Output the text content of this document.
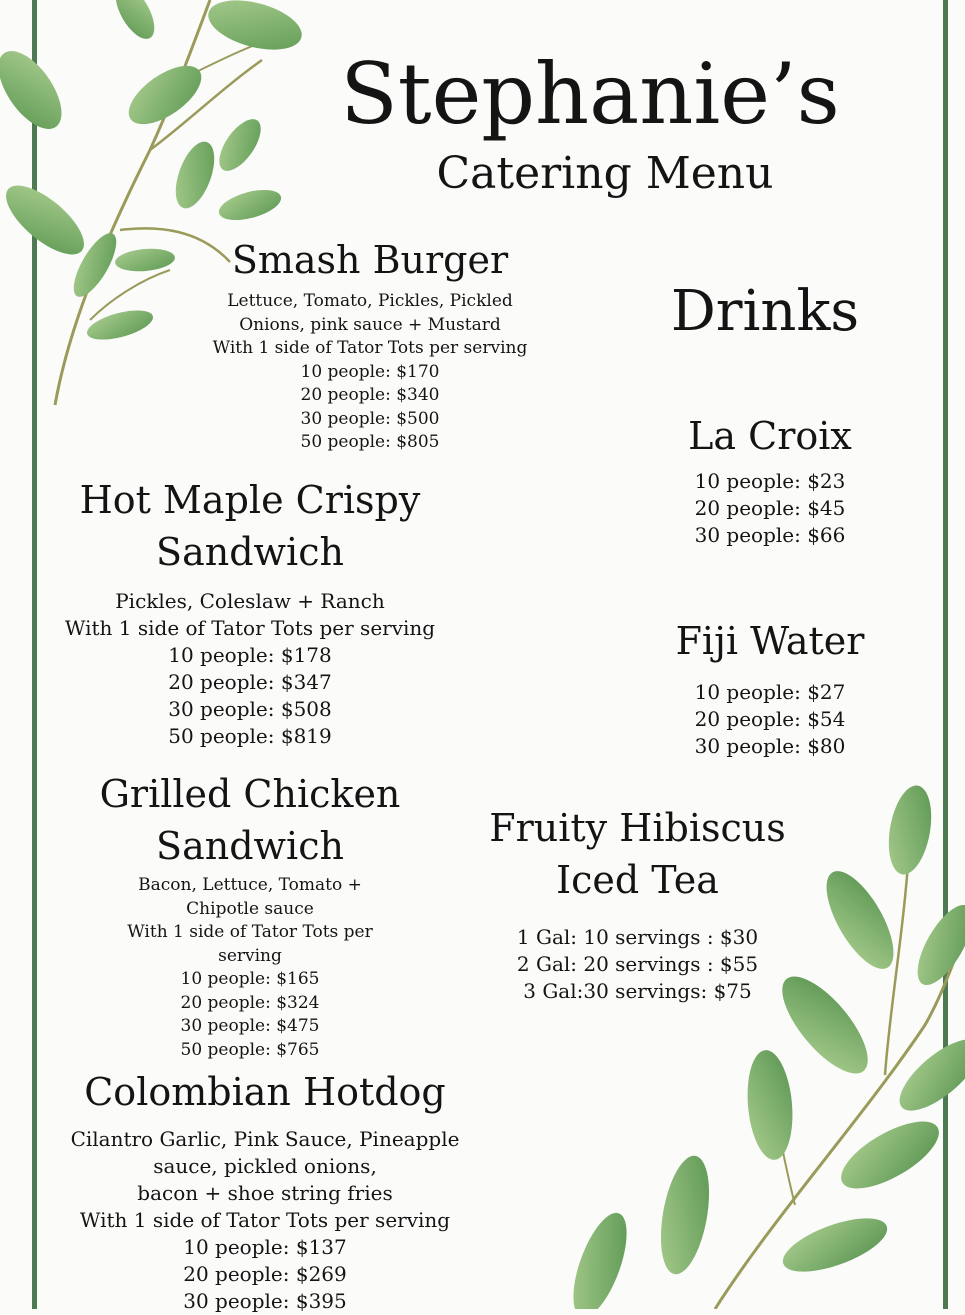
Stephanie’s
Catering Menu
Smash Burger
Lettuce, Tomato, Pickles, Pickled
Onions, pink sauce + Mustard
With 1 side of Tator Tots per serving
10 people: $170
20 people: $340
30 people: $500
50 people: $805
Hot Maple Crispy
Sandwich
Pickles, Coleslaw + Ranch
With 1 side of Tator Tots per serving
10 people: $178
20 people: $347
30 people: $508
50 people: $819
Grilled Chicken
Sandwich
Bacon, Lettuce, Tomato +
Chipotle sauce
With 1 side of Tator Tots per
serving
10 people: $165
20 people: $324
30 people: $475
50 people: $765
Colombian Hotdog
Cilantro Garlic, Pink Sauce, Pineapple
sauce, pickled onions,
bacon + shoe string fries
With 1 side of Tator Tots per serving
10 people: $137
20 people: $269
30 people: $395
Drinks
La Croix
10 people: $23
20 people: $45
30 people: $66
Fiji Water
10 people: $27
20 people: $54
30 people: $80
Fruity Hibiscus
Iced Tea
1 Gal: 10 servings : $30
2 Gal: 20 servings : $55
3 Gal:30 servings: $75
